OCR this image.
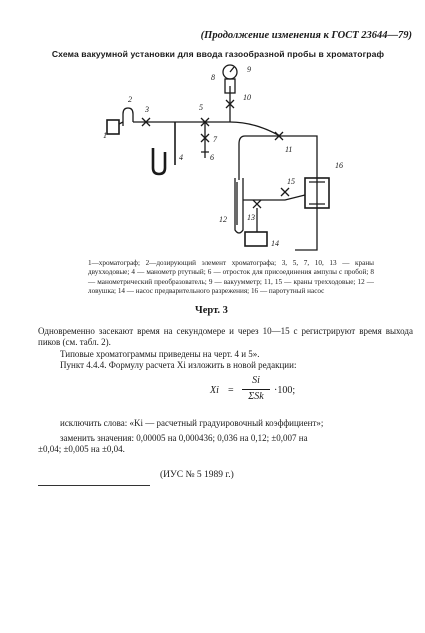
(Продолжение изменения к ГОСТ 23644—79)
Схема вакуумной установки для ввода газообразной пробы в хроматограф
1
2
3
4
5
6
7
8
9
10
11
12	13
14
15
16
1—хроматограф; 2—дозирующий элемент хроматографа; 3, 5, 7, 10, 13 — краны двухходовые; 4 — манометр ртутный; 6 — отросток для присоединения ампулы с пробой; 8 — манометрический преобразователь; 9 — вакуумметр; 11, 15 — краны трехходовые; 12 — ловушка; 14 — насос предварительного разрежения; 16 — паротутный насос
Черт. 3
Одновременно засекают время на секундомере и через 10—15 с регистрируют время выхода пиков (см. табл. 2).
Типовые хроматограммы приведены на черт. 4 и 5».
Пункт 4.4.4. Формулу расчета Xi изложить в новой редакции:
Xi =
Si
ΣSk
·100;
исключить слова: «Ki — расчетный градуировочный коэффициент»;
заменить значения: 0,00005 на 0,000436; 0,036 на 0,12; ±0,007 на
±0,04; ±0,005 на ±0,04.
(ИУС № 5 1989 г.)
